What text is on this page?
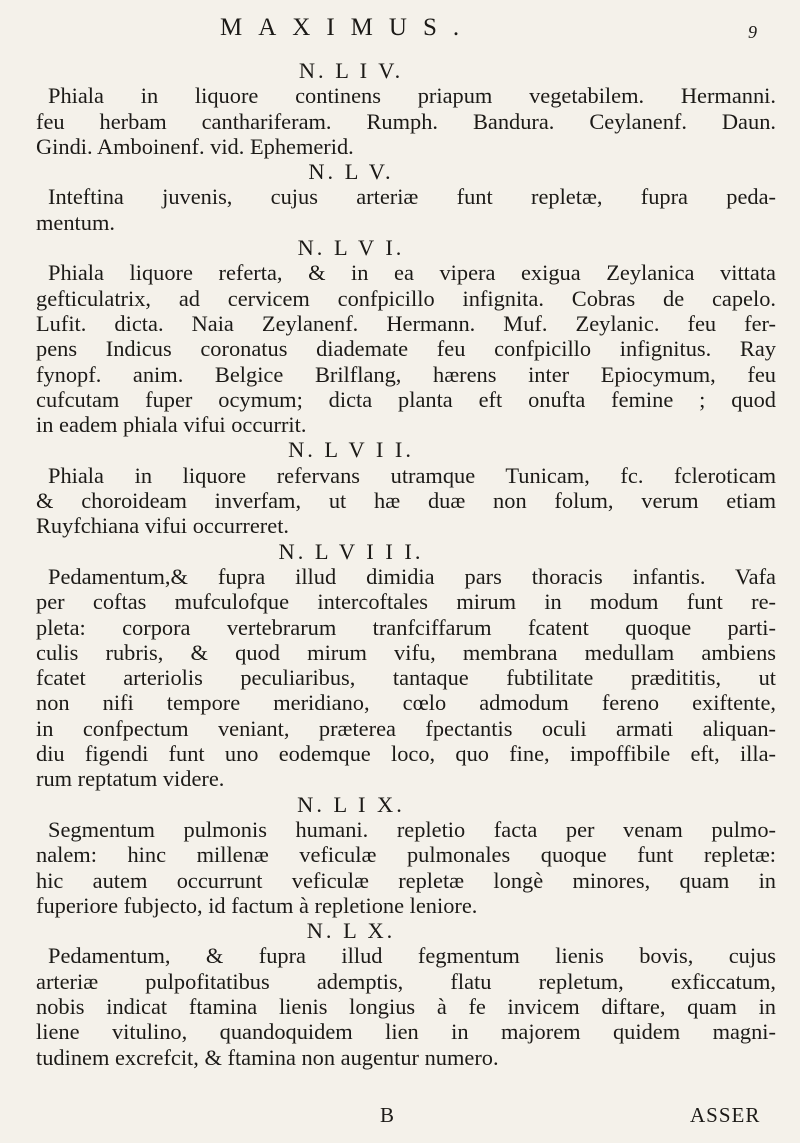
MAXIMUS.	9
N. L I V.
Phiala in liquore continens priapum vegetabilem. Hermanni.
feu herbam canthariferam. Rumph. Bandura. Ceylanenf. Daun.
Gindi. Amboinenf. vid. Ephemerid.
N. L V.
Inteftina juvenis, cujus arteriæ funt repletæ, fupra peda-
mentum.
N. L V I.
Phiala liquore referta, & in ea vipera exigua Zeylanica vittata
gefticulatrix, ad cervicem confpicillo infignita. Cobras de capelo.
Lufit. dicta. Naia Zeylanenf. Hermann. Muf. Zeylanic. feu fer-
pens Indicus coronatus diademate feu confpicillo infignitus. Ray
fynopf. anim. Belgice Brilflang, hærens inter Epiocymum, feu
cufcutam fuper ocymum; dicta planta eft onufta femine ; quod
in eadem phiala vifui occurrit.
N. L V I I.
Phiala in liquore refervans utramque Tunicam, fc. fcleroticam
& choroideam inverfam, ut hæ duæ non folum, verum etiam
Ruyfchiana vifui occurreret.
N. L V I I I.
Pedamentum,& fupra illud dimidia pars thoracis infantis. Vafa
per coftas mufculofque intercoftales mirum in modum funt re-
pleta: corpora vertebrarum tranfciffarum fcatent quoque parti-
culis rubris, & quod mirum vifu, membrana medullam ambiens
fcatet arteriolis peculiaribus, tantaque fubtilitate prædititis, ut
non nifi tempore meridiano, cœlo admodum fereno exiftente,
in confpectum veniant, præterea fpectantis oculi armati aliquan-
diu figendi funt uno eodemque loco, quo fine, impoffibile eft, illa-
rum reptatum videre.
N. L I X.
Segmentum pulmonis humani. repletio facta per venam pulmo-
nalem: hinc millenæ veficulæ pulmonales quoque funt repletæ:
hic autem occurrunt veficulæ repletæ longè minores, quam in
fuperiore fubjecto, id factum à repletione leniore.
N. L X.
Pedamentum, & fupra illud fegmentum lienis bovis, cujus
arteriæ pulpofitatibus ademptis, flatu repletum, exficcatum,
nobis indicat ftamina lienis longius à fe invicem diftare, quam in
liene vitulino, quandoquidem lien in majorem quidem magni-
tudinem excrefcit, & ftamina non augentur numero.
B	ASSER
